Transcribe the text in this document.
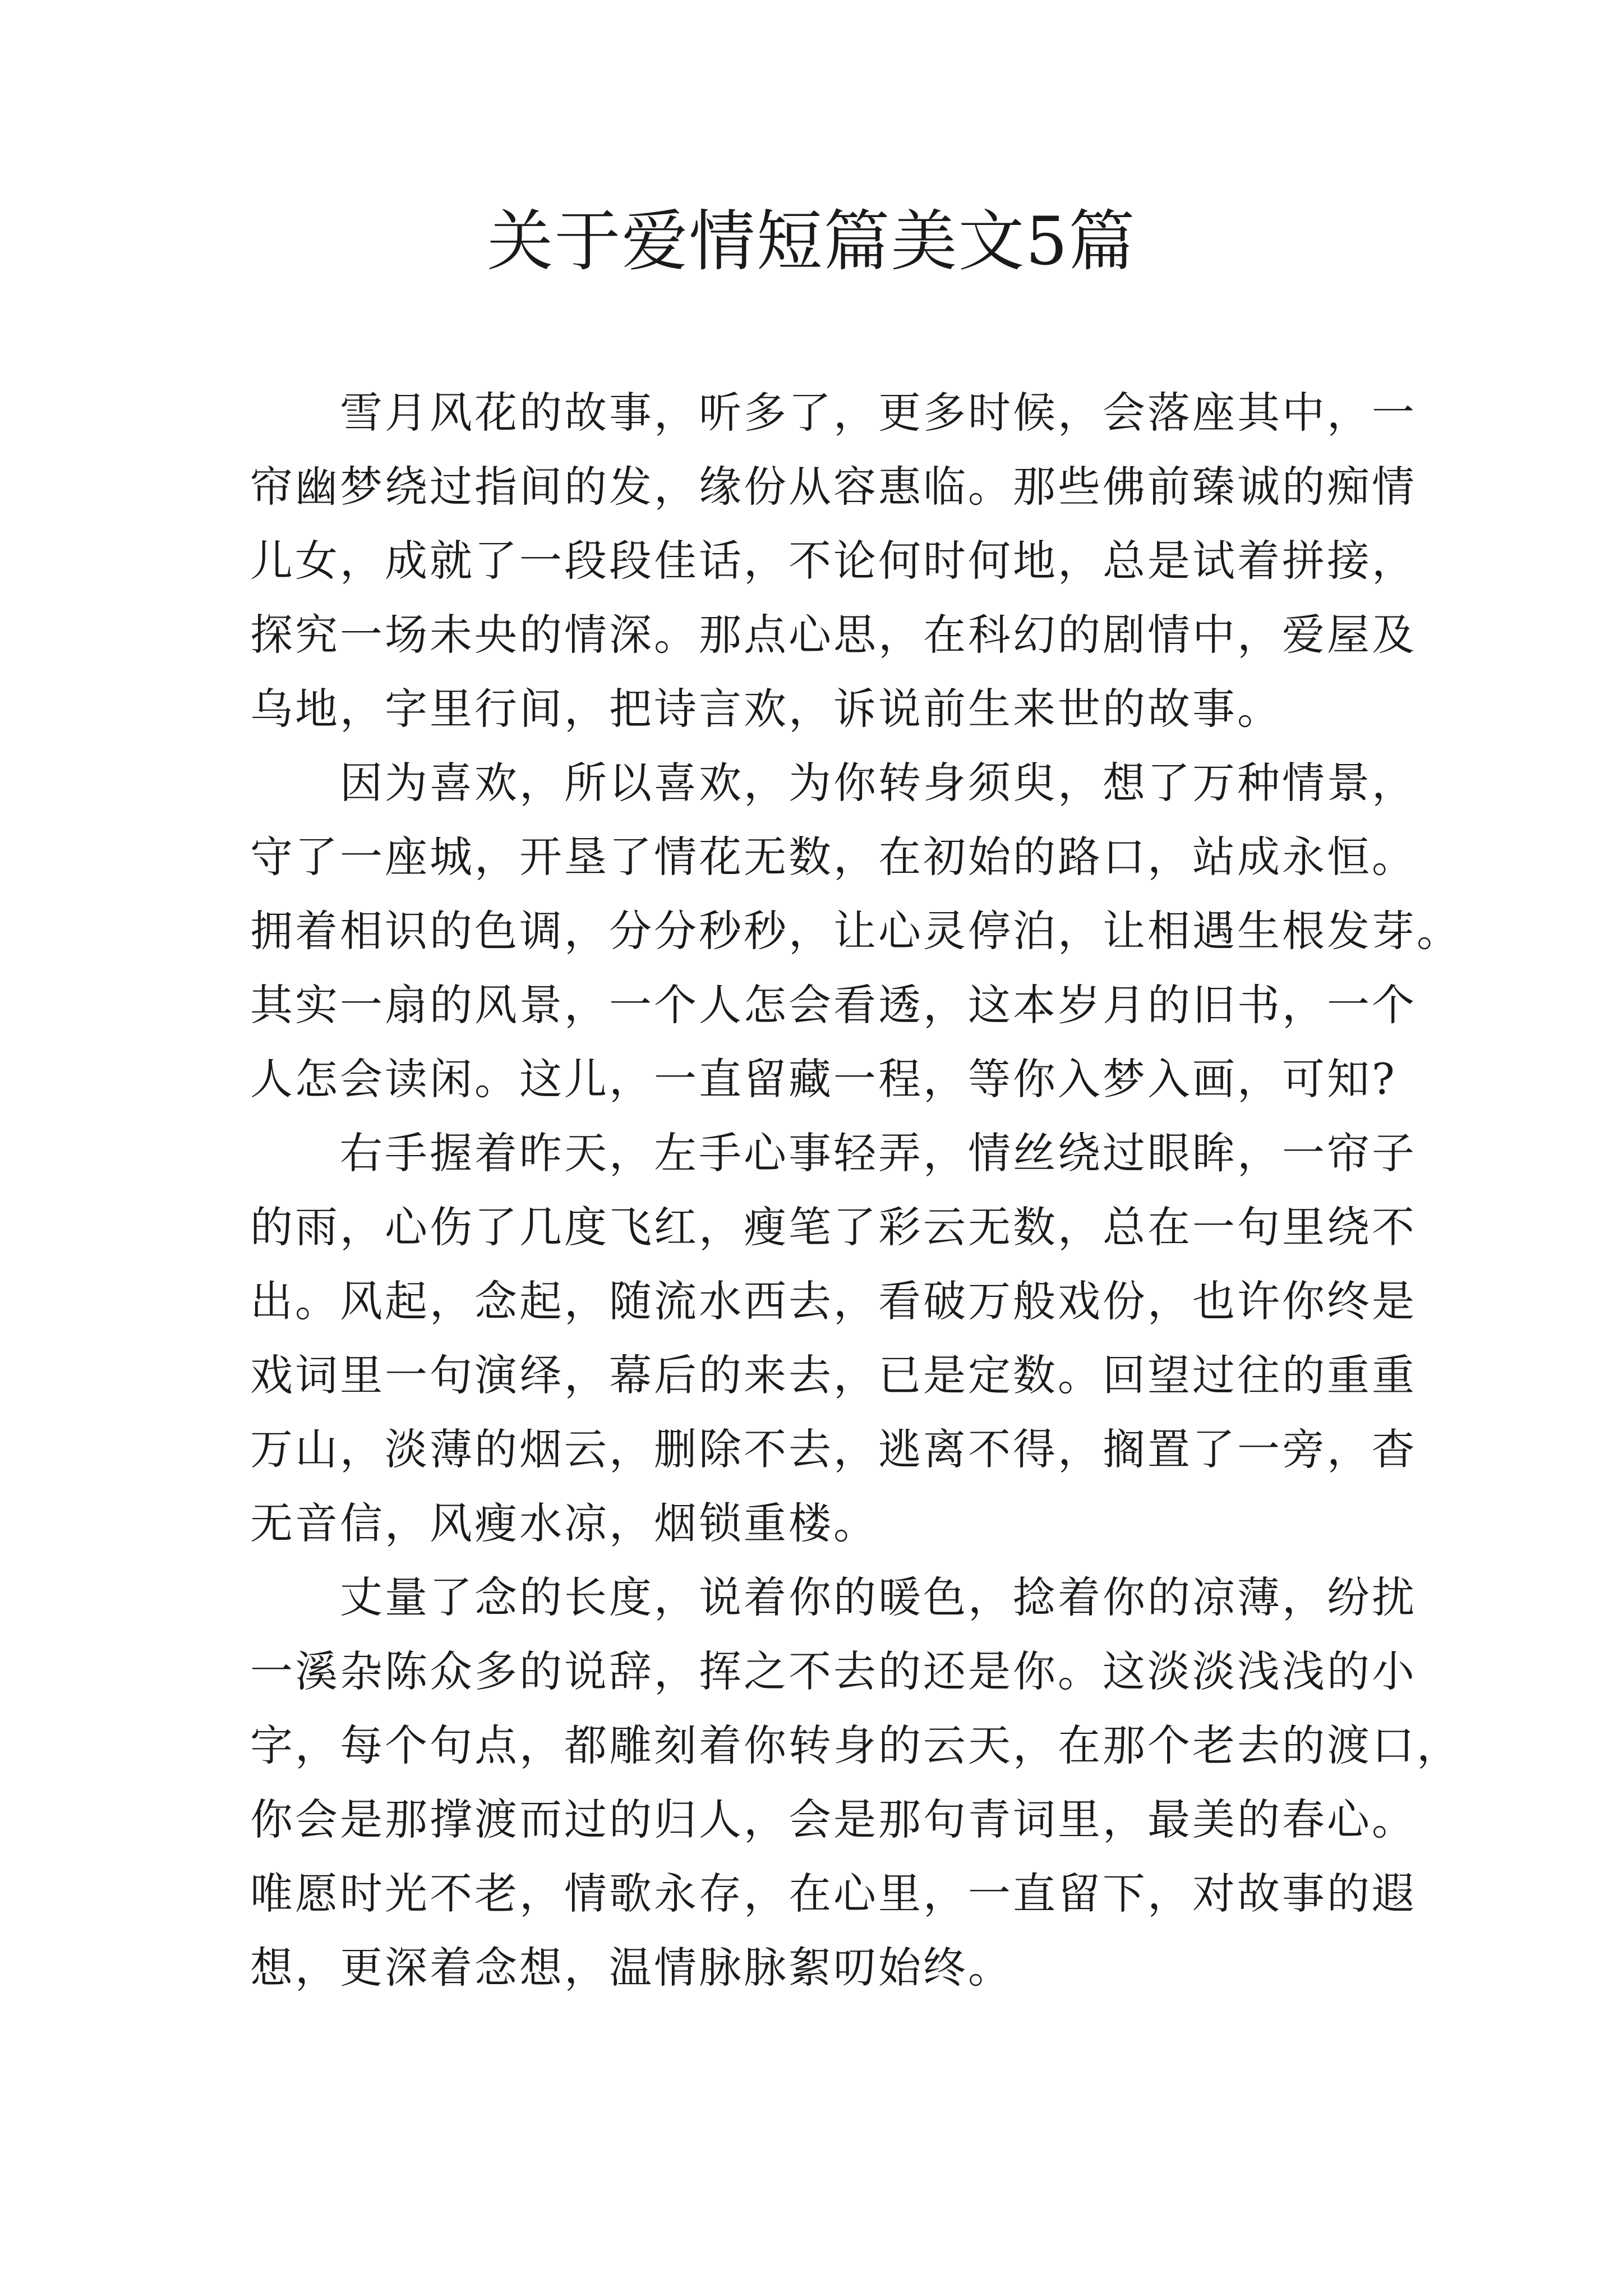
关于爱情短篇美文5篇

　　雪月风花的故事，听多了，更多时候，会落座其中，一
帘幽梦绕过指间的发，缘份从容惠临。那些佛前臻诚的痴情
儿女，成就了一段段佳话，不论何时何地，总是试着拼接，
探究一场未央的情深。那点心思，在科幻的剧情中，爱屋及
乌地，字里行间，把诗言欢，诉说前生来世的故事。

　　因为喜欢，所以喜欢，为你转身须臾，想了万种情景，
守了一座城，开垦了情花无数，在初始的路口，站成永恒。
拥着相识的色调，分分秒秒，让心灵停泊，让相遇生根发芽。
其实一扇的风景，一个人怎会看透，这本岁月的旧书，一个
人怎会读闲。这儿，一直留藏一程，等你入梦入画，可知?

　　右手握着昨天，左手心事轻弄，情丝绕过眼眸，一帘子
的雨，心伤了几度飞红，瘦笔了彩云无数，总在一句里绕不
出。风起，念起，随流水西去，看破万般戏份，也许你终是
戏词里一句演绎，幕后的来去，已是定数。回望过往的重重
万山，淡薄的烟云，删除不去，逃离不得，搁置了一旁，杳
无音信，风瘦水凉，烟锁重楼。

　　丈量了念的长度，说着你的暖色，捻着你的凉薄，纷扰
一溪杂陈众多的说辞，挥之不去的还是你。这淡淡浅浅的小
字，每个句点，都雕刻着你转身的云天，在那个老去的渡口，
你会是那撑渡而过的归人，会是那句青词里，最美的春心。
唯愿时光不老，情歌永存，在心里，一直留下，对故事的遐
想，更深着念想，温情脉脉絮叨始终。
